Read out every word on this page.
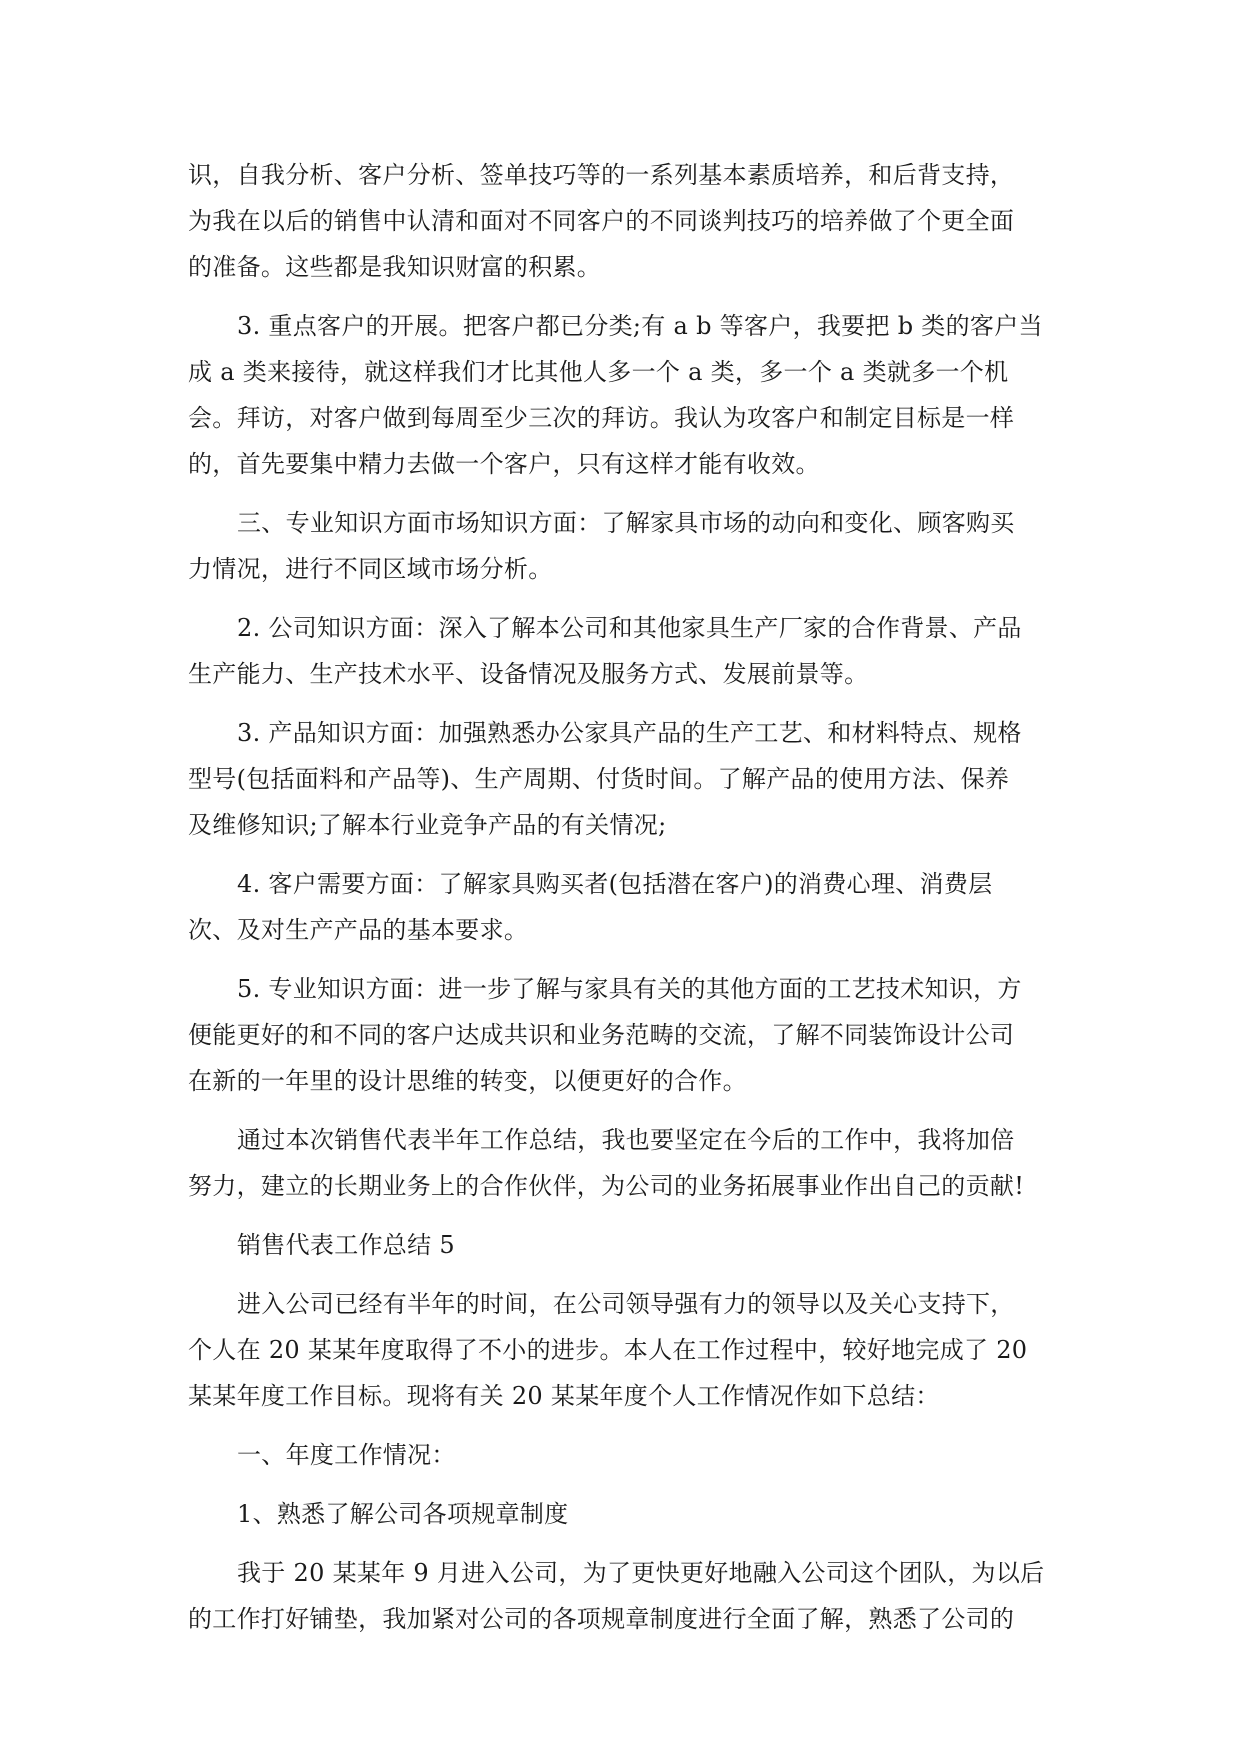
识，自我分析、客户分析、签单技巧等的一系列基本素质培养，和后背支持，
为我在以后的销售中认清和面对不同客户的不同谈判技巧的培养做了个更全面
的准备。这些都是我知识财富的积累。
3. 重点客户的开展。把客户都已分类;有 a b 等客户，我要把 b 类的客户当
成 a 类来接待，就这样我们才比其他人多一个 a 类，多一个 a 类就多一个机
会。拜访，对客户做到每周至少三次的拜访。我认为攻客户和制定目标是一样
的，首先要集中精力去做一个客户，只有这样才能有收效。
三、专业知识方面市场知识方面：了解家具市场的动向和变化、顾客购买
力情况，进行不同区域市场分析。
2. 公司知识方面：深入了解本公司和其他家具生产厂家的合作背景、产品
生产能力、生产技术水平、设备情况及服务方式、发展前景等。
3. 产品知识方面：加强熟悉办公家具产品的生产工艺、和材料特点、规格
型号(包括面料和产品等)、生产周期、付货时间。了解产品的使用方法、保养
及维修知识;了解本行业竞争产品的有关情况;
4. 客户需要方面：了解家具购买者(包括潜在客户)的消费心理、消费层
次、及对生产产品的基本要求。
5. 专业知识方面：进一步了解与家具有关的其他方面的工艺技术知识，方
便能更好的和不同的客户达成共识和业务范畴的交流，了解不同装饰设计公司
在新的一年里的设计思维的转变，以便更好的合作。
通过本次销售代表半年工作总结，我也要坚定在今后的工作中，我将加倍
努力，建立的长期业务上的合作伙伴，为公司的业务拓展事业作出自己的贡献!
销售代表工作总结 5
进入公司已经有半年的时间，在公司领导强有力的领导以及关心支持下，
个人在 20 某某年度取得了不小的进步。本人在工作过程中，较好地完成了 20
某某年度工作目标。现将有关 20 某某年度个人工作情况作如下总结：
一、年度工作情况：
1、熟悉了解公司各项规章制度
我于 20 某某年 9 月进入公司，为了更快更好地融入公司这个团队，为以后
的工作打好铺垫，我加紧对公司的各项规章制度进行全面了解，熟悉了公司的
